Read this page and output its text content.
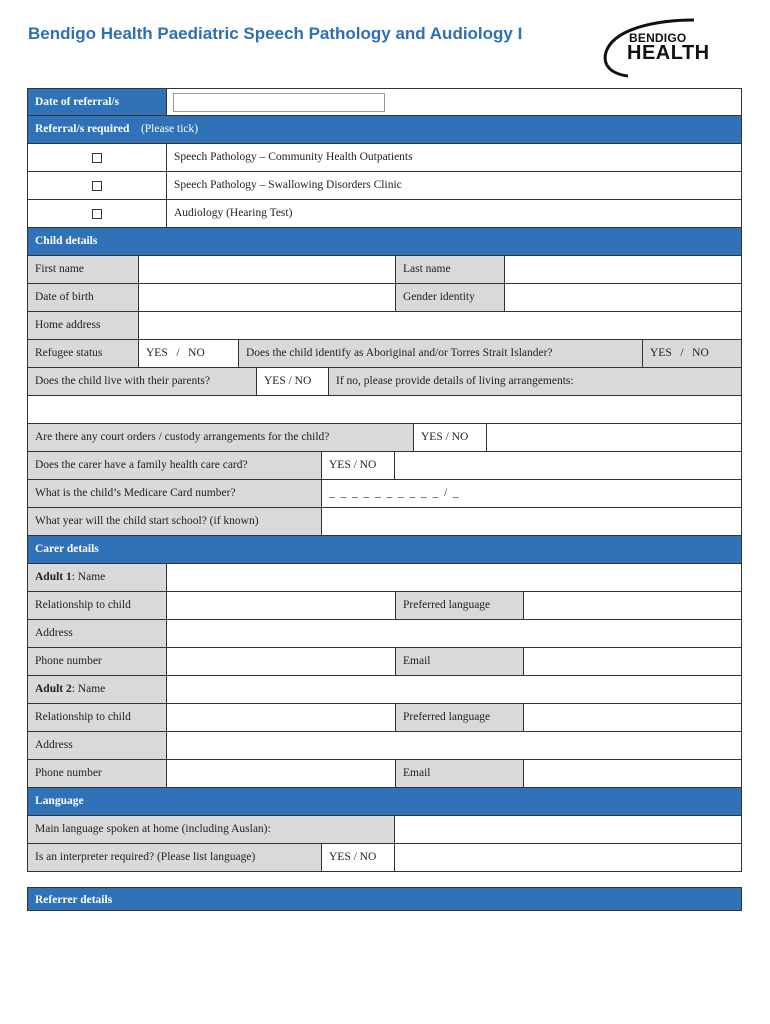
Bendigo Health Paediatric Speech Pathology and Audiology I	BENDIGO
HEALTH
Date of referral/s
Referral/s required (Please tick)
Speech Pathology – Community Health Outpatients
Speech Pathology – Swallowing Disorders Clinic
Audiology (Hearing Test)
Child details
First name	Last name
Date of birth	Gender identity
Home address
Refugee status	YES   /   NO	Does the child identify as Aboriginal and/or Torres Strait Islander?	YES   /   NO
Does the child live with their parents?	YES / NO	If no, please provide details of living arrangements:
Are there any court orders / custody arrangements for the child?	YES / NO
Does the carer have a family health care card?	YES / NO
What is the child’s Medicare Card number?	_  _  _  _  _  _  _  _  _  _  /  _
What year will the child start school? (if known)
Carer details
Adult 1: Name
Relationship to child	Preferred language
Address
Phone number	Email
Adult 2: Name
Relationship to child	Preferred language
Address
Phone number	Email
Language
Main language spoken at home (including Auslan):
Is an interpreter required? (Please list language)	YES / NO
Referrer details
